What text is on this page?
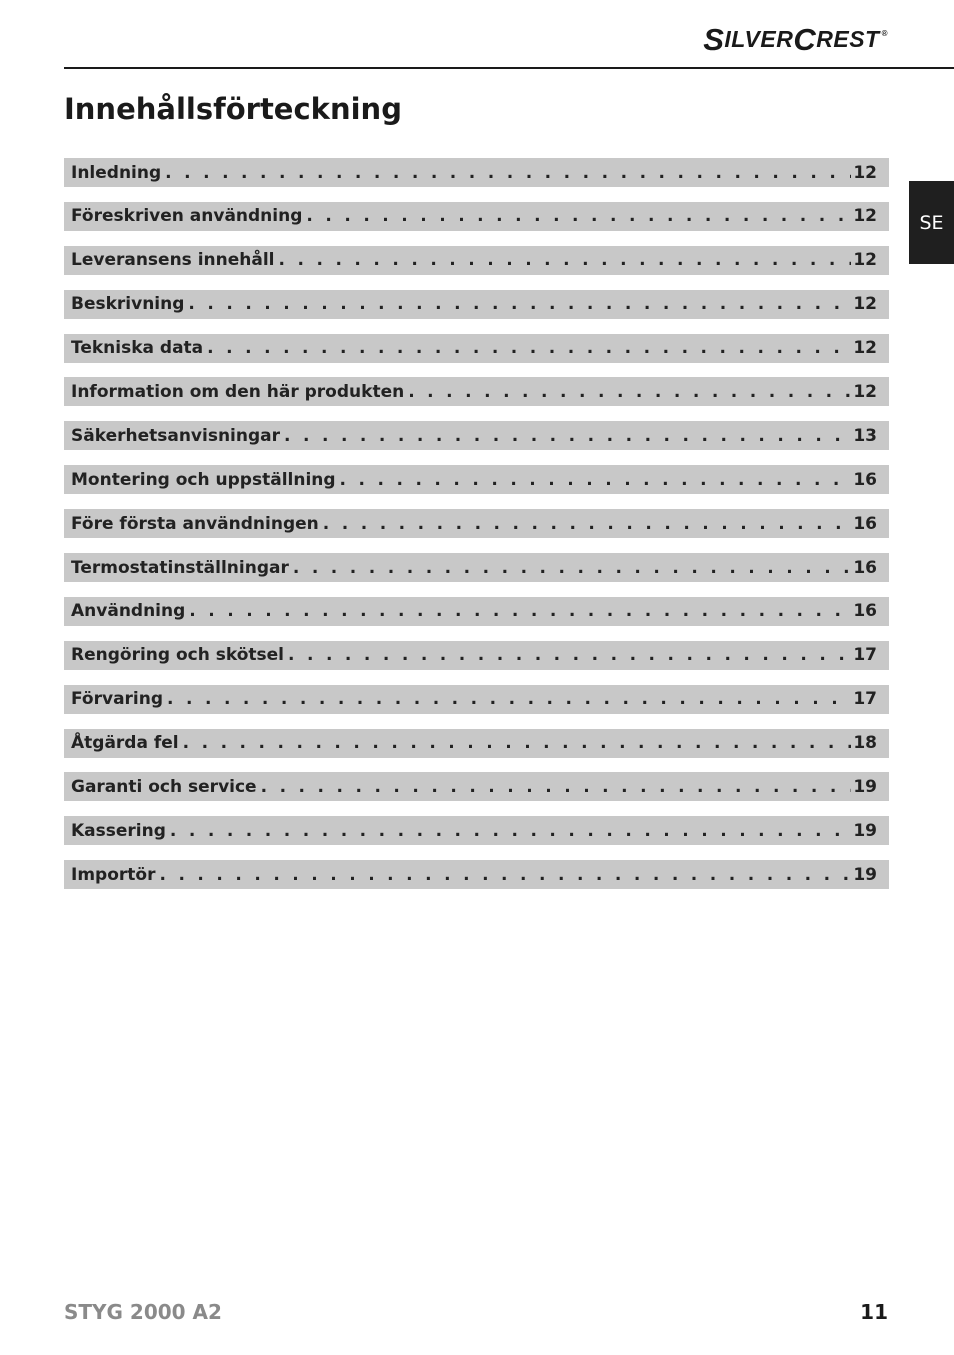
S ILVER C REST ®
Innehållsförteckning
SE
Inledning . . .	12
Föreskriven användning . . .	12
Leveransens innehåll . . .	12
Beskrivning . . .	12
Tekniska data . . .	12
Information om den här produkten . . .	12
Säkerhetsanvisningar . . .	13
Montering och uppställning . . .	16
Före första användningen . . .	16
Termostatinställningar . . .	16
Användning . . .	16
Rengöring och skötsel . . .	17
Förvaring . . .	17
Åtgärda fel . . .	18
Garanti och service . . .	19
Kassering . . .	19
Importör . . .	19
STYG 2000 A2	11
